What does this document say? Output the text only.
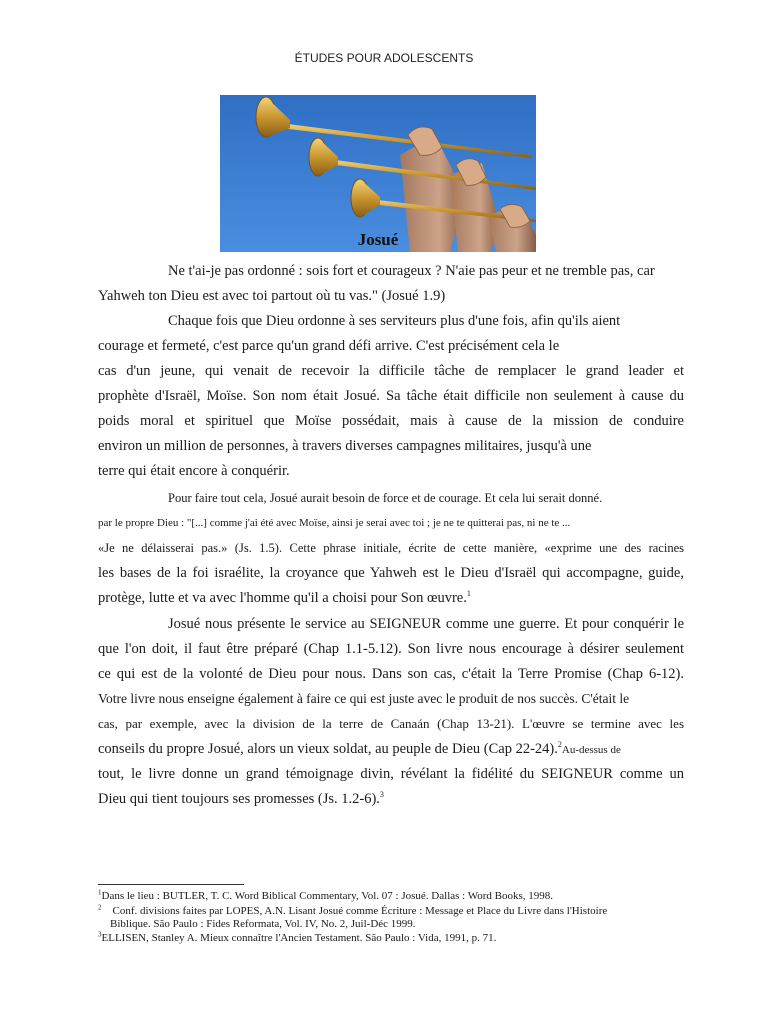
ÉTUDES POUR ADOLESCENTS
Josué
Ne t'ai-je pas ordonné : sois fort et courageux ? N'aie pas peur et ne tremble pas, car
Yahweh ton Dieu est avec toi partout où tu vas." (Josué 1.9)
Chaque fois que Dieu ordonne à ses serviteurs plus d'une fois, afin qu'ils aient
courage et fermeté, c'est parce qu'un grand défi arrive. C'est précisément cela le
cas d'un jeune, qui venait de recevoir la difficile tâche de remplacer le grand leader et
prophète d'Israël, Moïse. Son nom était Josué. Sa tâche était difficile non seulement à cause du
poids moral et spirituel que Moïse possédait, mais à cause de la mission de conduire
environ un million de personnes, à travers diverses campagnes militaires, jusqu'à une
terre qui était encore à conquérir.
Pour faire tout cela, Josué aurait besoin de force et de courage. Et cela lui serait donné.
par le propre Dieu : "[...] comme j'ai été avec Moïse, ainsi je serai avec toi ; je ne te quitterai pas, ni ne te ...
«Je ne délaisserai pas.» (Js. 1.5). Cette phrase initiale, écrite de cette manière, «exprime une des racines
les bases de la foi israélite, la croyance que Yahweh est le Dieu d'Israël qui accompagne, guide,
protège, lutte et va avec l'homme qu'il a choisi pour Son œuvre.$^1$
Josué nous présente le service au SEIGNEUR comme une guerre. Et pour conquérir le
que l'on doit, il faut être préparé (Chap 1.1-5.12). Son livre nous encourage à désirer seulement
ce qui est de la volonté de Dieu pour nous. Dans son cas, c'était la Terre Promise (Chap 6-12).
Votre livre nous enseigne également à faire ce qui est juste avec le produit de nos succès. C'était le
cas, par exemple, avec la division de la terre de Canaán (Chap 13-21). L'œuvre se termine avec les
conseils du propre Josué, alors un vieux soldat, au peuple de Dieu (Cap 22-24).$^2$Au-dessus de
tout, le livre donne un grand témoignage divin, révélant la fidélité du SEIGNEUR comme un
Dieu qui tient toujours ses promesses (Js. 1.2-6).$^3$
$^1$Dans le lieu : BUTLER, T. C. Word Biblical Commentary, Vol. 07 : Josué. Dallas : Word Books, 1998.
$^2$ Conf. divisions faites par LOPES, A.N. Lisant Josué comme Écriture : Message et Place du Livre dans l'Histoire
Biblique. São Paulo : Fides Reformata, Vol. IV, No. 2, Juil-Déc 1999.
$^3$ELLISEN, Stanley A. Mieux connaître l'Ancien Testament. São Paulo : Vida, 1991, p. 71.
